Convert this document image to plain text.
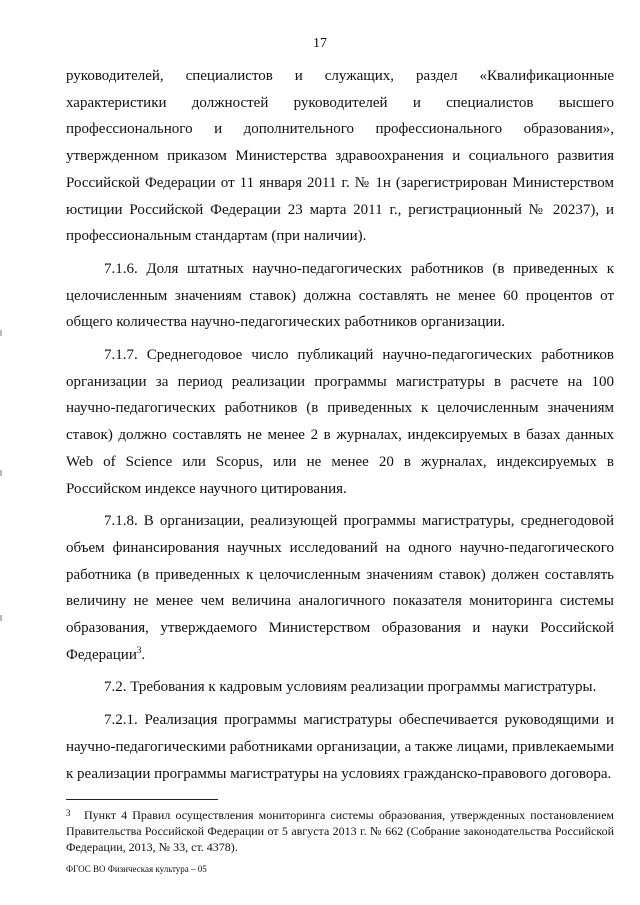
17

руководителей, специалистов и служащих, раздел «Квалификационные характеристики должностей руководителей и специалистов высшего профессионального и дополнительного профессионального образования», утвержденном приказом Министерства здравоохранения и социального развития Российской Федерации от 11 января 2011 г. № 1н (зарегистрирован Министерством юстиции Российской Федерации 23 марта 2011 г., регистрационный № 20237), и профессиональным стандартам (при наличии).

7.1.6. Доля штатных научно-педагогических работников (в приведенных к целочисленным значениям ставок) должна составлять не менее 60 процентов от общего количества научно-педагогических работников организации.

7.1.7. Среднегодовое число публикаций научно-педагогических работников организации за период реализации программы магистратуры в расчете на 100 научно-педагогических работников (в приведенных к целочисленным значениям ставок) должно составлять не менее 2 в журналах, индексируемых в базах данных Web of Science или Scopus, или не менее 20 в журналах, индексируемых в Российском индексе научного цитирования.

7.1.8. В организации, реализующей программы магистратуры, среднегодовой объем финансирования научных исследований на одного научно-педагогического работника (в приведенных к целочисленным значениям ставок) должен составлять величину не менее чем величина аналогичного показателя мониторинга системы образования, утверждаемого Министерством образования и науки Российской Федерации$^3$.

7.2. Требования к кадровым условиям реализации программы магистратуры.

7.2.1. Реализация программы магистратуры обеспечивается руководящими и научно-педагогическими работниками организации, а также лицами, привлекаемыми к реализации программы магистратуры на условиях гражданско-правового договора.

3 Пункт 4 Правил осуществления мониторинга системы образования, утвержденных постановлением Правительства Российской Федерации от 5 августа 2013 г. № 662 (Собрание законодательства Российской Федерации, 2013, № 33, ст. 4378).
ФГОС ВО Физическая культура – 05
